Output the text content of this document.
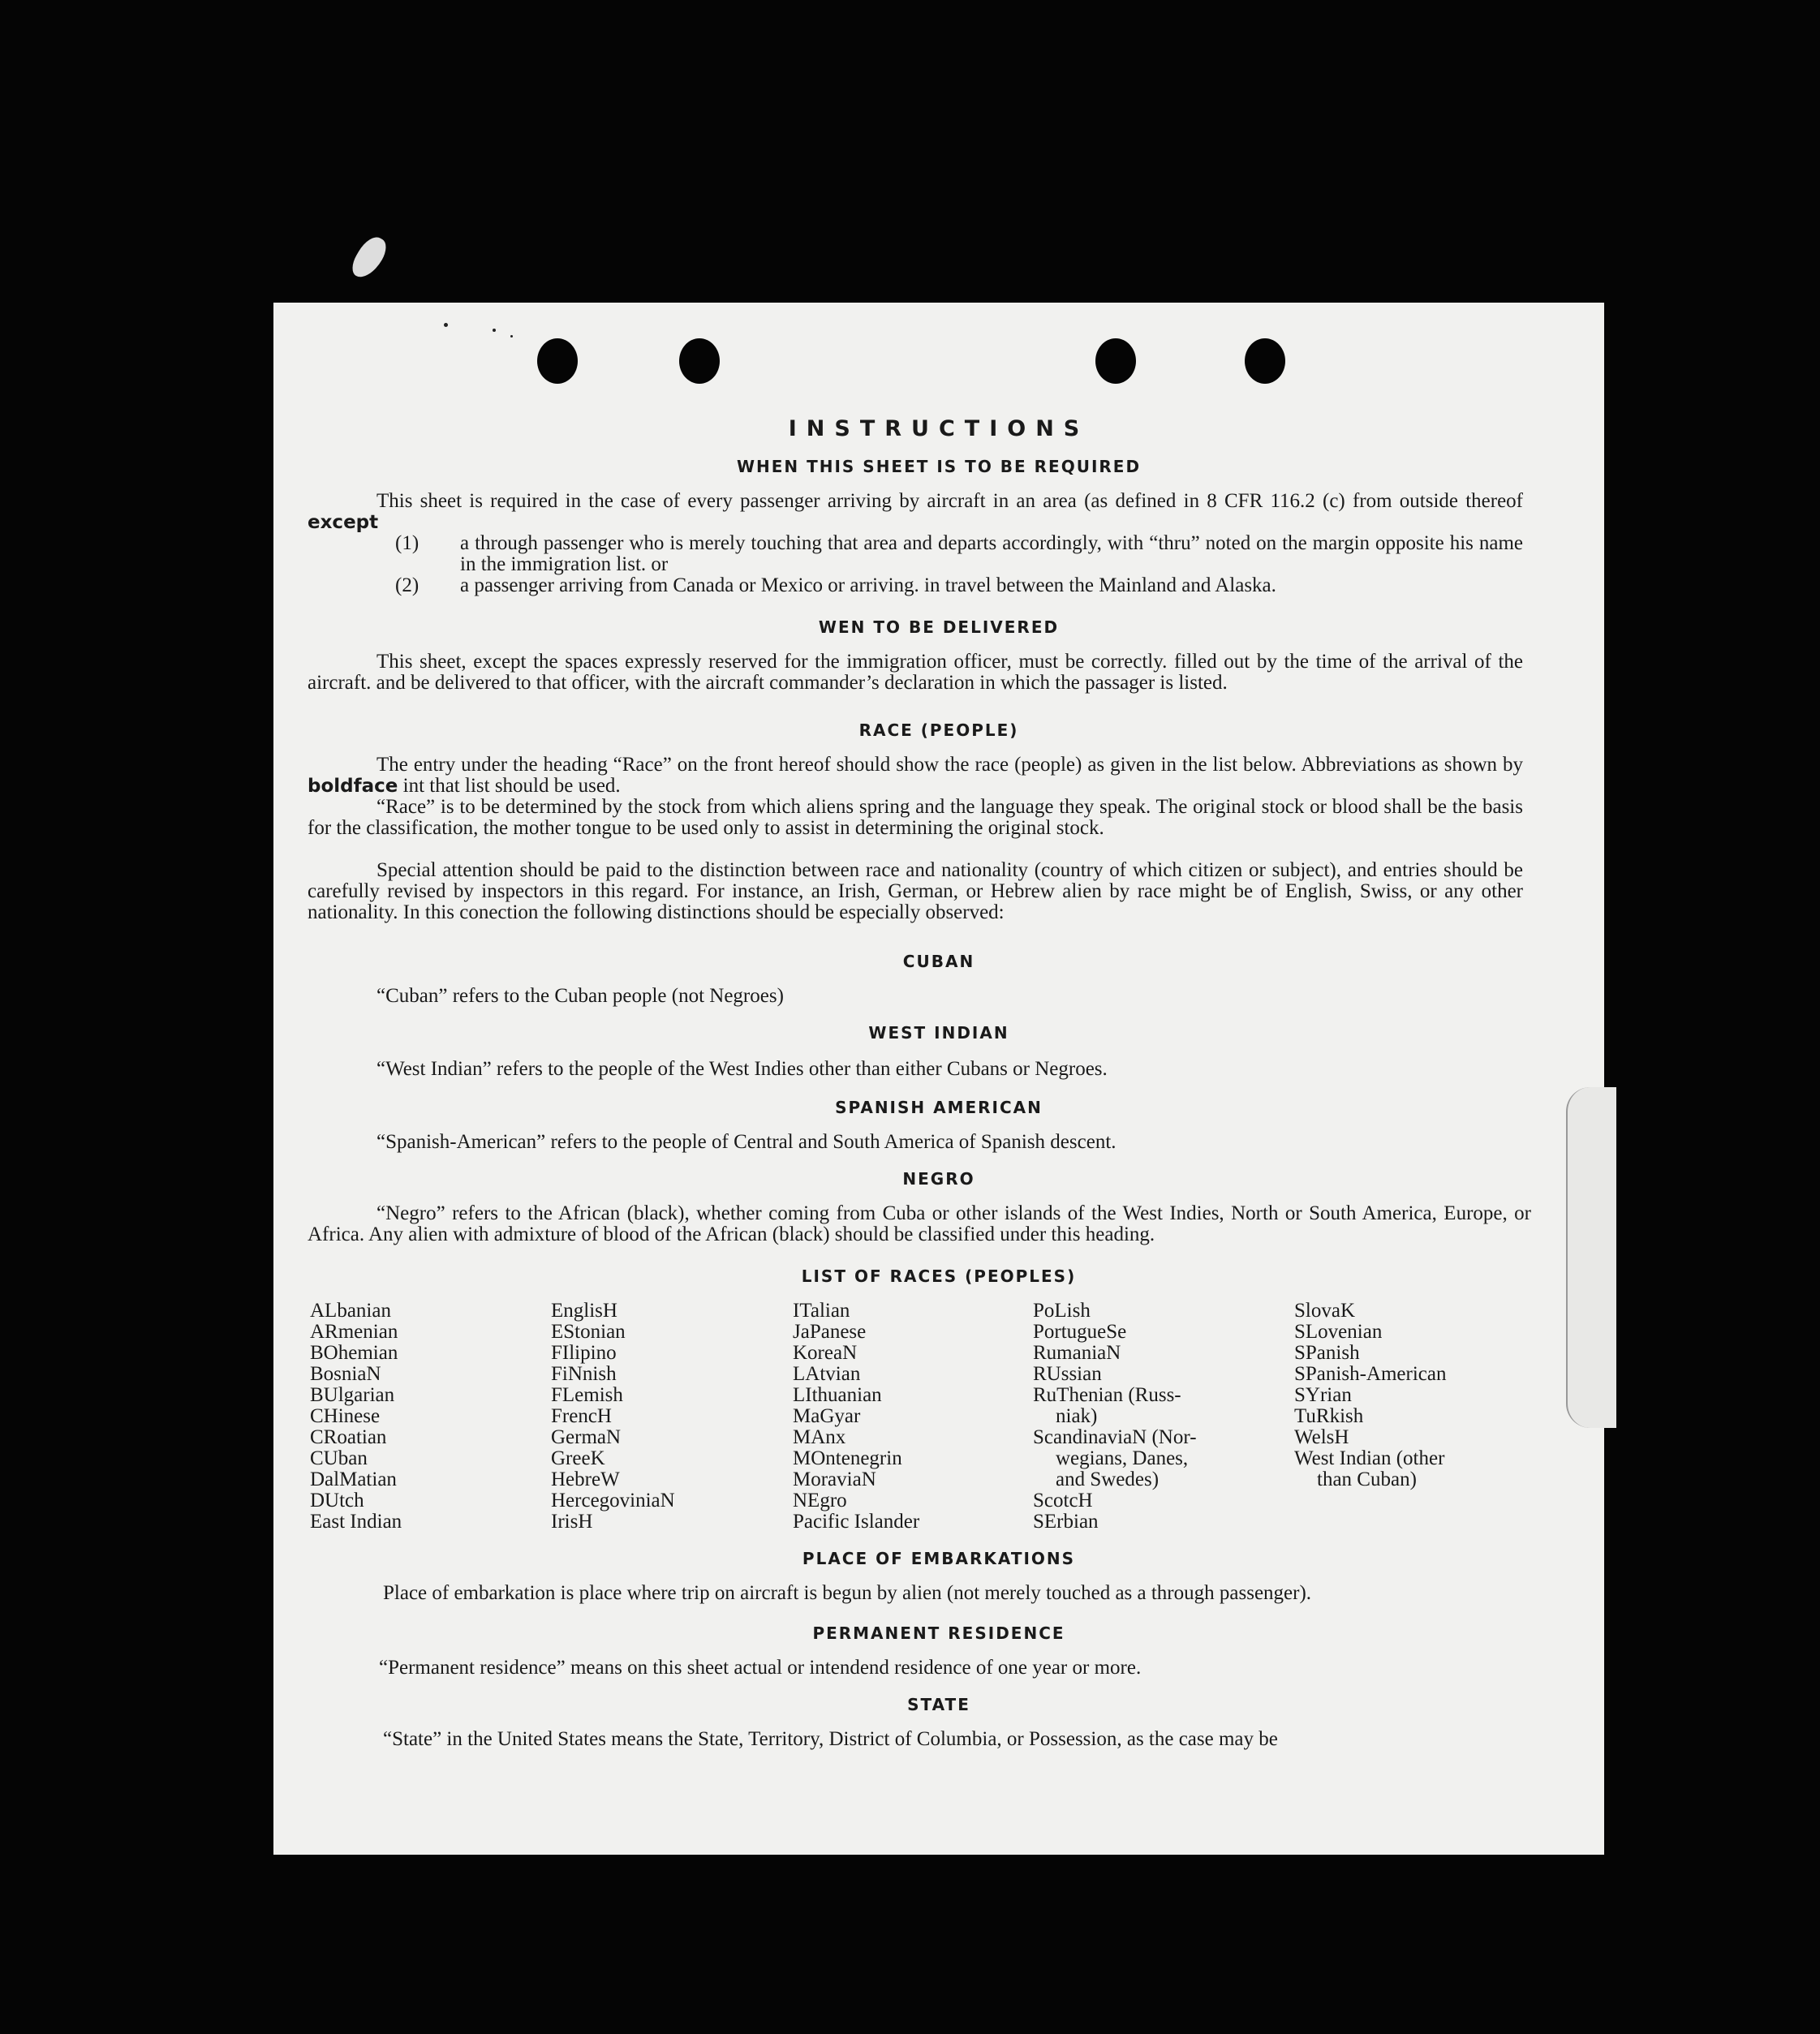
INSTRUCTIONS
WHEN THIS SHEET IS TO BE REQUIRED

This sheet is required in the case of every passenger arriving by aircraft in an area (as defined in 8 CFR 116.2 (c) from outside thereof except

(1) a through passenger who is merely touching that area and departs accordingly, with “thru” noted on the margin opposite his name in the immigration list. or
(2) a passenger arriving from Canada or Mexico or arriving. in travel between the Mainland and Alaska.
WEN TO BE DELIVERED

This sheet, except the spaces expressly reserved for the immigration officer, must be correctly. filled out by the time of the arrival of the aircraft. and be delivered to that officer, with the aircraft commander’s declaration in which the passager is listed.

RACE (PEOPLE)

The entry under the heading “Race” on the front hereof should show the race (people) as given in the list below. Abbreviations as shown by boldface int that list should be used.

“Race” is to be determined by the stock from which aliens spring and the language they speak. The original stock or blood shall be the basis for the classification, the mother tongue to be used only to assist in determining the original stock.

Special attention should be paid to the distinction between race and nationality (country of which citizen or subject), and entries should be carefully revised by inspectors in this regard. For instance, an Irish, German, or Hebrew alien by race might be of English, Swiss, or any other nationality. In this conection the following distinctions should be especially observed:

CUBAN

“Cuban” refers to the Cuban people (not Negroes)

WEST INDIAN

“West Indian” refers to the people of the West Indies other than either Cubans or Negroes.

SPANISH AMERICAN

“Spanish-American” refers to the people of Central and South America of Spanish descent.

NEGRO

“Negro” refers to the African (black), whether coming from Cuba or other islands of the West Indies, North or South America, Europe, or Africa. Any alien with admixture of blood of the African (black) should be classified under this heading.

LIST OF RACES (PEOPLES)
ALbanian
ARmenian
BOhemian
BosniaN
BUlgarian
CHinese
CRoatian
CUban
DalMatian
DUtch
East Indian
EnglisH
EStonian
FIlipino
FiNnish
FLemish
FrencH
GermaN
GreeK
HebreW
HercegoviniaN
IrisH
ITalian
JaPanese
KoreaN
LAtvian
LIthuanian
MaGyar
MAnx
MOntenegrin
MoraviaN
NEgro
Pacific Islander
PoLish
PortugueSe
RumaniaN
RUssian
RuThenian (Russ-
niak)
ScandinaviaN (Nor-
wegians, Danes,
and Swedes)
ScotcH
SErbian
SlovaK
SLovenian
SPanish
SPanish-American
SYrian
TuRkish
WelsH
West Indian (other
than Cuban)
PLACE OF EMBARKATIONS

Place of embarkation is place where trip on aircraft is begun by alien (not merely touched as a through passenger).

PERMANENT RESIDENCE

“Permanent residence” means on this sheet actual or intendend residence of one year or more.

STATE

“State” in the United States means the State, Territory, District of Columbia, or Possession, as the case may be
